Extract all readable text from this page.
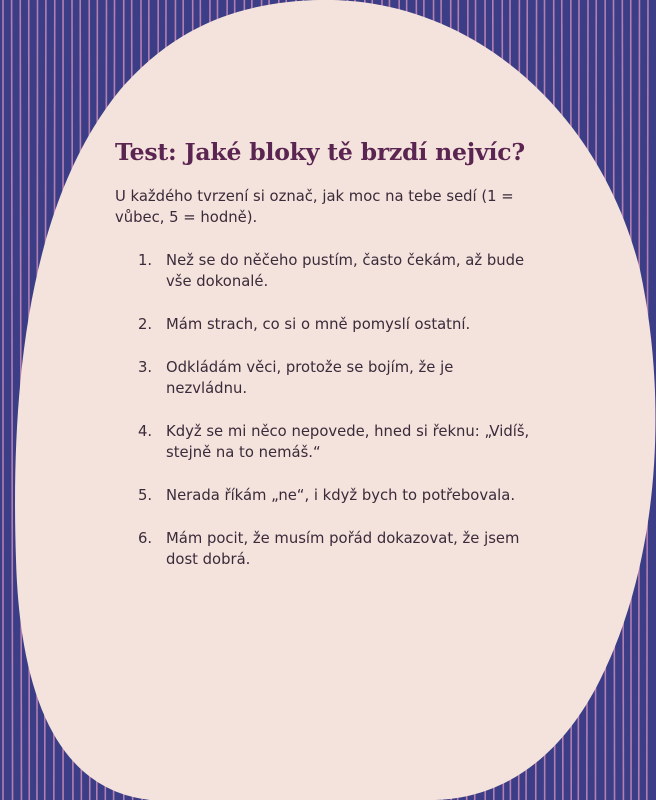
Test: Jaké bloky tě brzdí nejvíc?

U každého tvrzení si označ, jak moc na tebe sedí (1 = vůbec, 5 = hodně).

1. Než se do něčeho pustím, často čekám, až bude vše dokonalé.
2. Mám strach, co si o mně pomyslí ostatní.
3. Odkládám věci, protože se bojím, že je nezvládnu.
4. Když se mi něco nepovede, hned si řeknu: „Vidíš, stejně na to nemáš.“
5. Nerada říkám „ne“, i když bych to potřebovala.
6. Mám pocit, že musím pořád dokazovat, že jsem dost dobrá.
